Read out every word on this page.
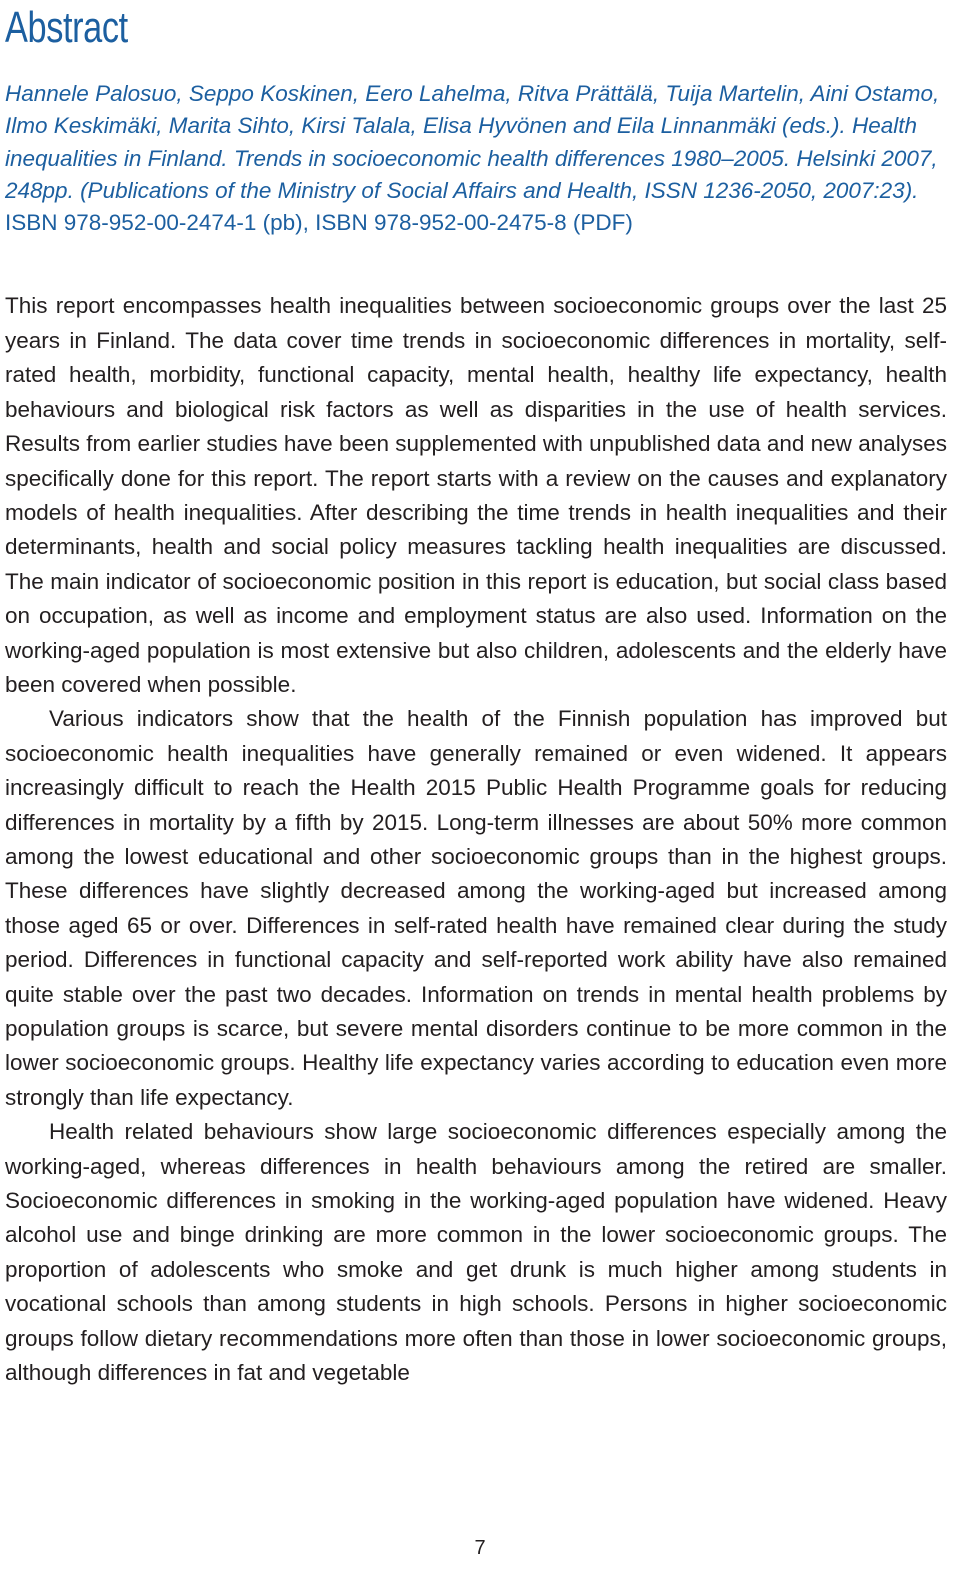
Abstract
Hannele Palosuo, Seppo Koskinen, Eero Lahelma, Ritva Prättälä, Tuija Martelin, Aini Ostamo, Ilmo Keskimäki, Marita Sihto, Kirsi Talala, Elisa Hyvönen and Eila Linnanmäki (eds.). Health inequalities in Finland. Trends in socioeconomic health differences 1980–2005. Helsinki 2007, 248pp. (Publications of the Ministry of Social Affairs and Health, ISSN 1236-2050, 2007:23). ISBN 978-952-00-2474-1 (pb), ISBN 978-952-00-2475-8 (PDF)

This report encompasses health inequalities between socioeconomic groups over the last 25 years in Finland. The data cover time trends in socioeconomic differences in mortality, self-rated health, morbidity, functional capacity, mental health, healthy life expectancy, health behaviours and biological risk factors as well as disparities in the use of health services. Results from earlier studies have been supplemented with unpublished data and new analyses specifically done for this report. The report starts with a review on the causes and explanatory models of health inequalities. After describing the time trends in health inequalities and their determinants, health and social policy measures tackling health inequalities are discussed. The main indicator of socioeconomic position in this report is education, but social class based on occupation, as well as income and employment status are also used. Information on the working-aged population is most extensive but also children, adolescents and the elderly have been covered when possible.

Various indicators show that the health of the Finnish population has improved but socioeconomic health inequalities have generally remained or even widened. It appears increasingly difficult to reach the Health 2015 Public Health Programme goals for reducing differences in mortality by a fifth by 2015. Long-term illnesses are about 50% more common among the lowest educational and other socioeconomic groups than in the highest groups. These differences have slightly decreased among the working-aged but increased among those aged 65 or over. Differences in self-rated health have remained clear during the study period. Differences in functional capacity and self-reported work ability have also remained quite stable over the past two decades. Information on trends in mental health problems by population groups is scarce, but severe mental disorders continue to be more common in the lower socioeconomic groups. Healthy life expectancy varies according to education even more strongly than life expectancy.

Health related behaviours show large socioeconomic differences especially among the working-aged, whereas differences in health behaviours among the retired are smaller. Socioeconomic differences in smoking in the working-aged population have widened. Heavy alcohol use and binge drinking are more common in the lower socioeconomic groups. The proportion of adolescents who smoke and get drunk is much higher among students in vocational schools than among students in high schools. Persons in higher socioeconomic groups follow dietary recommendations more often than those in lower socioeconomic groups, although differences in fat and vegetable

7
